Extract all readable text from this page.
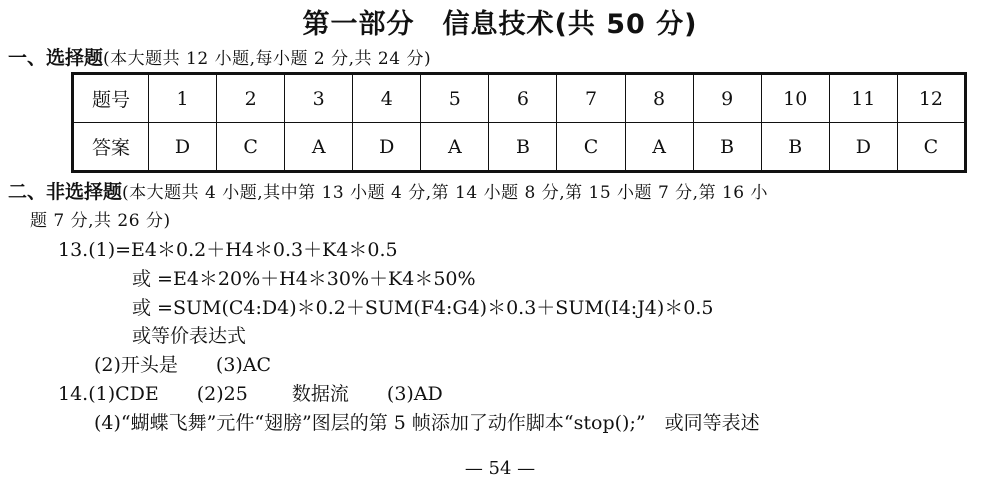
第一部分　信息技术(共 50 分)
一、选择题(本大题共 12 小题,每小题 2 分,共 24 分)
题号	1	2	3	4	5	6	7	8	9	10	11	12
答案	D	C	A	D	A	B	C	A	B	B	D	C
二、非选择题(本大题共 4 小题,其中第 13 小题 4 分,第 14 小题 8 分,第 15 小题 7 分,第 16 小
题 7 分,共 26 分)
13.(1)=E4＊0.2＋H4＊0.3＋K4＊0.5
或 =E4＊20%＋H4＊30%＋K4＊50%
或 =SUM(C4:D4)＊0.2＋SUM(F4:G4)＊0.3＋SUM(I4:J4)＊0.5
或等价表达式
(2)开头是　　(3)AC
14.(1)CDE　　(2)25　　 数据流　　(3)AD
(4)“蝴蝶飞舞”元件“翅膀”图层的第 5 帧添加了动作脚本“stop();”　或同等表述
— 54 —
